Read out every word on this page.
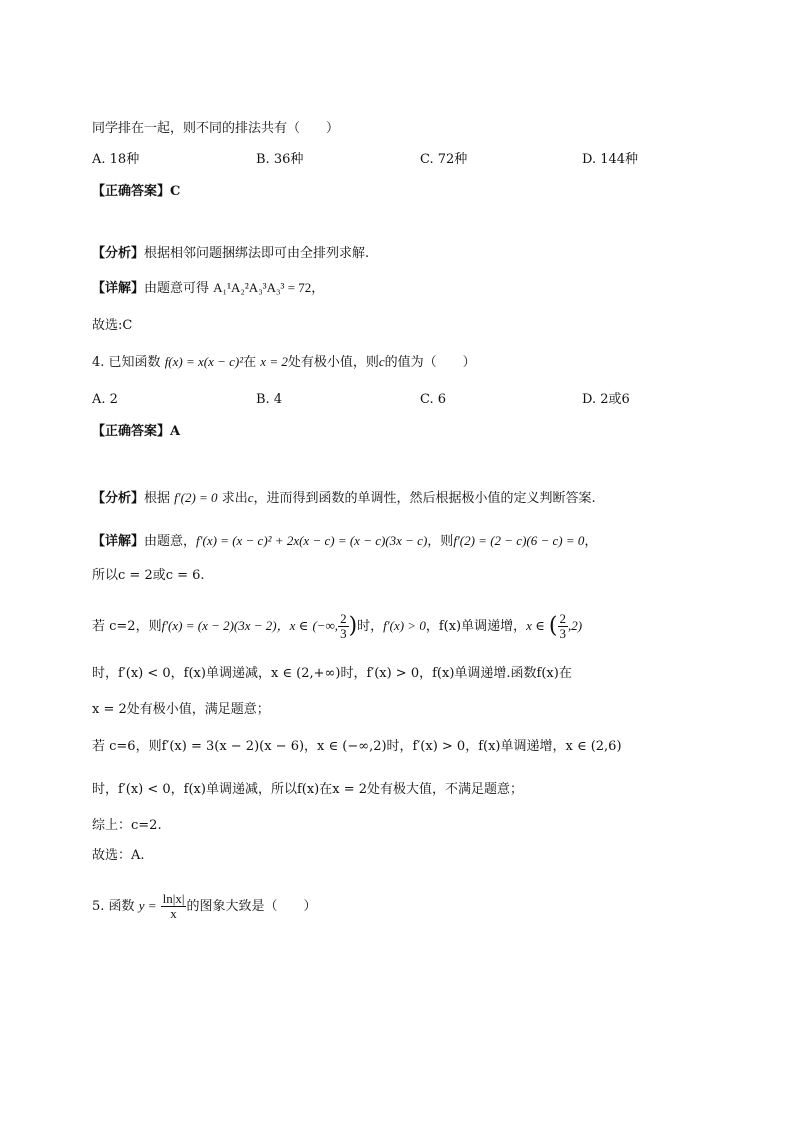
同学排在一起，则不同的排法共有（　　）
A. 18种	B. 36种	C. 72种	D. 144种
【正确答案】C
【分析】根据相邻问题捆绑法即可由全排列求解.
【详解】由题意可得 A₁¹A₂²A₃³A₃³ = 72，
故选:C
4. 已知函数 f(x) = x(x − c)²在 x = 2处有极小值，则c的值为（　　）
A. 2	B. 4	C. 6	D. 2或6
【正确答案】A
【分析】根据 f′(2) = 0 求出c，进而得到函数的单调性，然后根据极小值的定义判断答案.
【详解】由题意，f′(x) = (x − c)² + 2x(x − c) = (x − c)(3x − c)，则f′(2) = (2 − c)(6 − c) = 0，
所以c = 2或c = 6.
若 c=2，则f′(x) = (x − 2)(3x − 2)，x ∈ (−∞, $\frac{2}{3}$ )时，f′(x) > 0，f(x)单调递增，x ∈ ( $\frac{2}{3} ,2$)
时，f′(x) < 0，f(x)单调递减，x ∈ (2,+∞)时，f′(x) > 0，f(x)单调递增.函数f(x)在
x = 2处有极小值，满足题意；
若 c=6，则f′(x) = 3(x − 2)(x − 6)，x ∈ (−∞,2)时，f′(x) > 0，f(x)单调递增，x ∈ (2,6)
时，f′(x) < 0，f(x)单调递减，所以f(x)在x = 2处有极大值，不满足题意；
综上：c=2.
故选：A.
5. 函数 $y = \frac{\ln|x|}{x}$ 的图象大致是（　　）
